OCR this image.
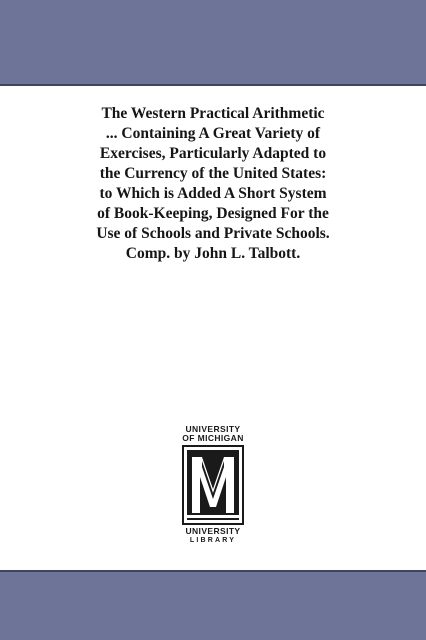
The Western Practical Arithmetic
... Containing A Great Variety of
Exercises, Particularly Adapted to
the Currency of the United States:
to Which is Added A Short System
of Book-Keeping, Designed For the
Use of Schools and Private Schools.
Comp. by John L. Talbott.
UNIVERSITY
OF MICHIGAN
UNIVERSITY
LIBRARY
